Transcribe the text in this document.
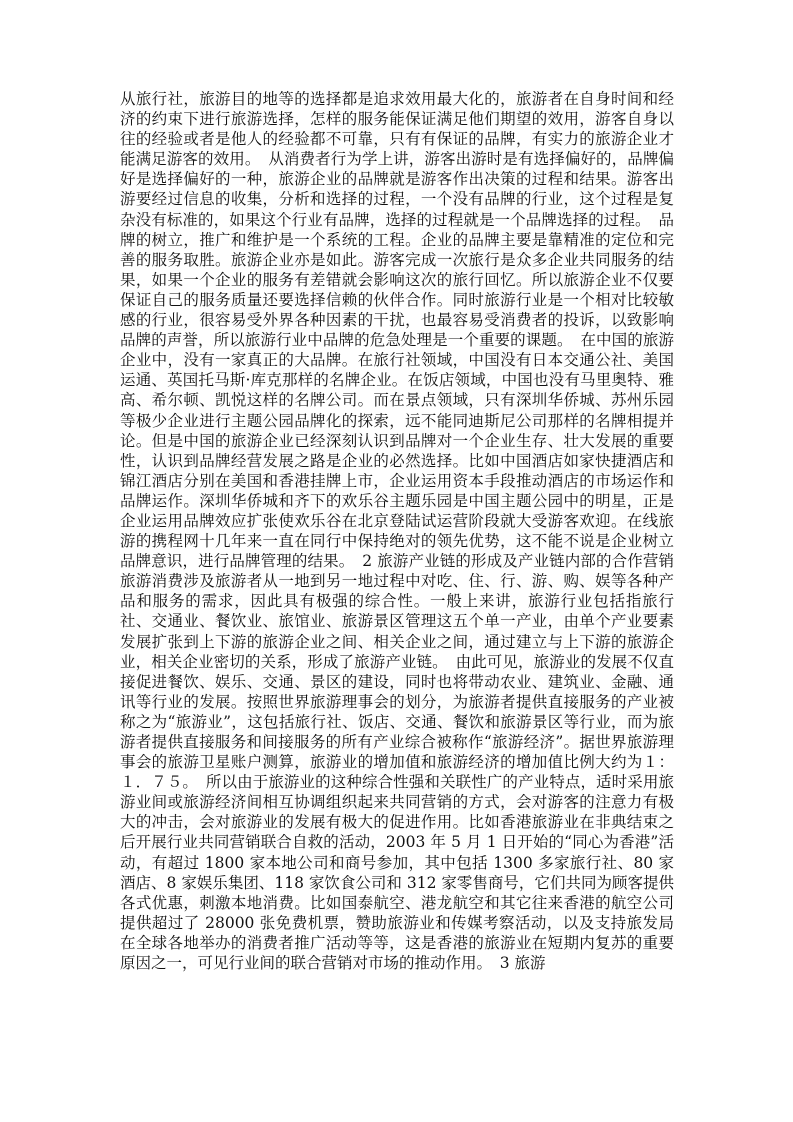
从旅行社，旅游目的地等的选择都是追求效用最大化的，旅游者在自身时间和经济的约束下进行旅游选择，怎样的服务能保证满足他们期望的效用，游客自身以往的经验或者是他人的经验都不可靠，只有有保证的品牌，有实力的旅游企业才能满足游客的效用。　从消费者行为学上讲，游客出游时是有选择偏好的，品牌偏好是选择偏好的一种，旅游企业的品牌就是游客作出决策的过程和结果。游客出游要经过信息的收集，分析和选择的过程，一个没有品牌的行业，这个过程是复杂没有标准的，如果这个行业有品牌，选择的过程就是一个品牌选择的过程。　品牌的树立，推广和维护是一个系统的工程。企业的品牌主要是靠精准的定位和完善的服务取胜。旅游企业亦是如此。游客完成一次旅行是众多企业共同服务的结果，如果一个企业的服务有差错就会影响这次的旅行回忆。所以旅游企业不仅要保证自己的服务质量还要选择信赖的伙伴合作。同时旅游行业是一个相对比较敏感的行业，很容易受外界各种因素的干扰，也最容易受消费者的投诉，以致影响品牌的声誉，所以旅游行业中品牌的危急处理是一个重要的课题。　在中国的旅游企业中，没有一家真正的大品牌。在旅行社领域，中国没有日本交通公社、美国运通、英国托马斯·库克那样的名牌企业。在饭店领域，中国也没有马里奥特、雅高、希尔顿、凯悦这样的名牌公司。而在景点领域，只有深圳华侨城、苏州乐园等极少企业进行主题公园品牌化的探索，远不能同迪斯尼公司那样的名牌相提并论。但是中国的旅游企业已经深刻认识到品牌对一个企业生存、壮大发展的重要性，认识到品牌经营发展之路是企业的必然选择。比如中国酒店如家快捷酒店和锦江酒店分别在美国和香港挂牌上市，企业运用资本手段推动酒店的市场运作和品牌运作。深圳华侨城和齐下的欢乐谷主题乐园是中国主题公园中的明星，正是企业运用品牌效应扩张使欢乐谷在北京登陆试运营阶段就大受游客欢迎。在线旅游的携程网十几年来一直在同行中保持绝对的领先优势，这不能不说是企业树立品牌意识，进行品牌管理的结果。　2 旅游产业链的形成及产业链内部的合作营销　旅游消费涉及旅游者从一地到另一地过程中对吃、住、行、游、购、娱等各种产品和服务的需求，因此具有极强的综合性。一般上来讲，旅游行业包括指旅行社、交通业、餐饮业、旅馆业、旅游景区管理这五个单一产业，由单个产业要素发展扩张到上下游的旅游企业之间、相关企业之间，通过建立与上下游的旅游企业，相关企业密切的关系，形成了旅游产业链。　由此可见，旅游业的发展不仅直接促进餐饮、娱乐、交通、景区的建设，同时也将带动农业、建筑业、金融、通讯等行业的发展。按照世界旅游理事会的划分，为旅游者提供直接服务的产业被称之为“旅游业”，这包括旅行社、饭店、交通、餐饮和旅游景区等行业，而为旅游者提供直接服务和间接服务的所有产业综合被称作“旅游经济”。据世界旅游理事会的旅游卫星账户测算，旅游业的增加值和旅游经济的增加值比例大约为１：１．７５。　所以由于旅游业的这种综合性强和关联性广的产业特点，适时采用旅游业间或旅游经济间相互协调组织起来共同营销的方式，会对游客的注意力有极大的冲击，会对旅游业的发展有极大的促进作用。比如香港旅游业在非典结束之后开展行业共同营销联合自救的活动，2003 年 5 月 1 日开始的“同心为香港”活动，有超过 1800 家本地公司和商号参加，其中包括 1300 多家旅行社、80 家酒店、8 家娱乐集团、118 家饮食公司和 312 家零售商号，它们共同为顾客提供各式优惠，刺激本地消费。比如国泰航空、港龙航空和其它往来香港的航空公司提供超过了 28000 张免费机票，赞助旅游业和传媒考察活动，以及支持旅发局在全球各地举办的消费者推广活动等等，这是香港的旅游业在短期内复苏的重要原因之一，可见行业间的联合营销对市场的推动作用。　3 旅游
